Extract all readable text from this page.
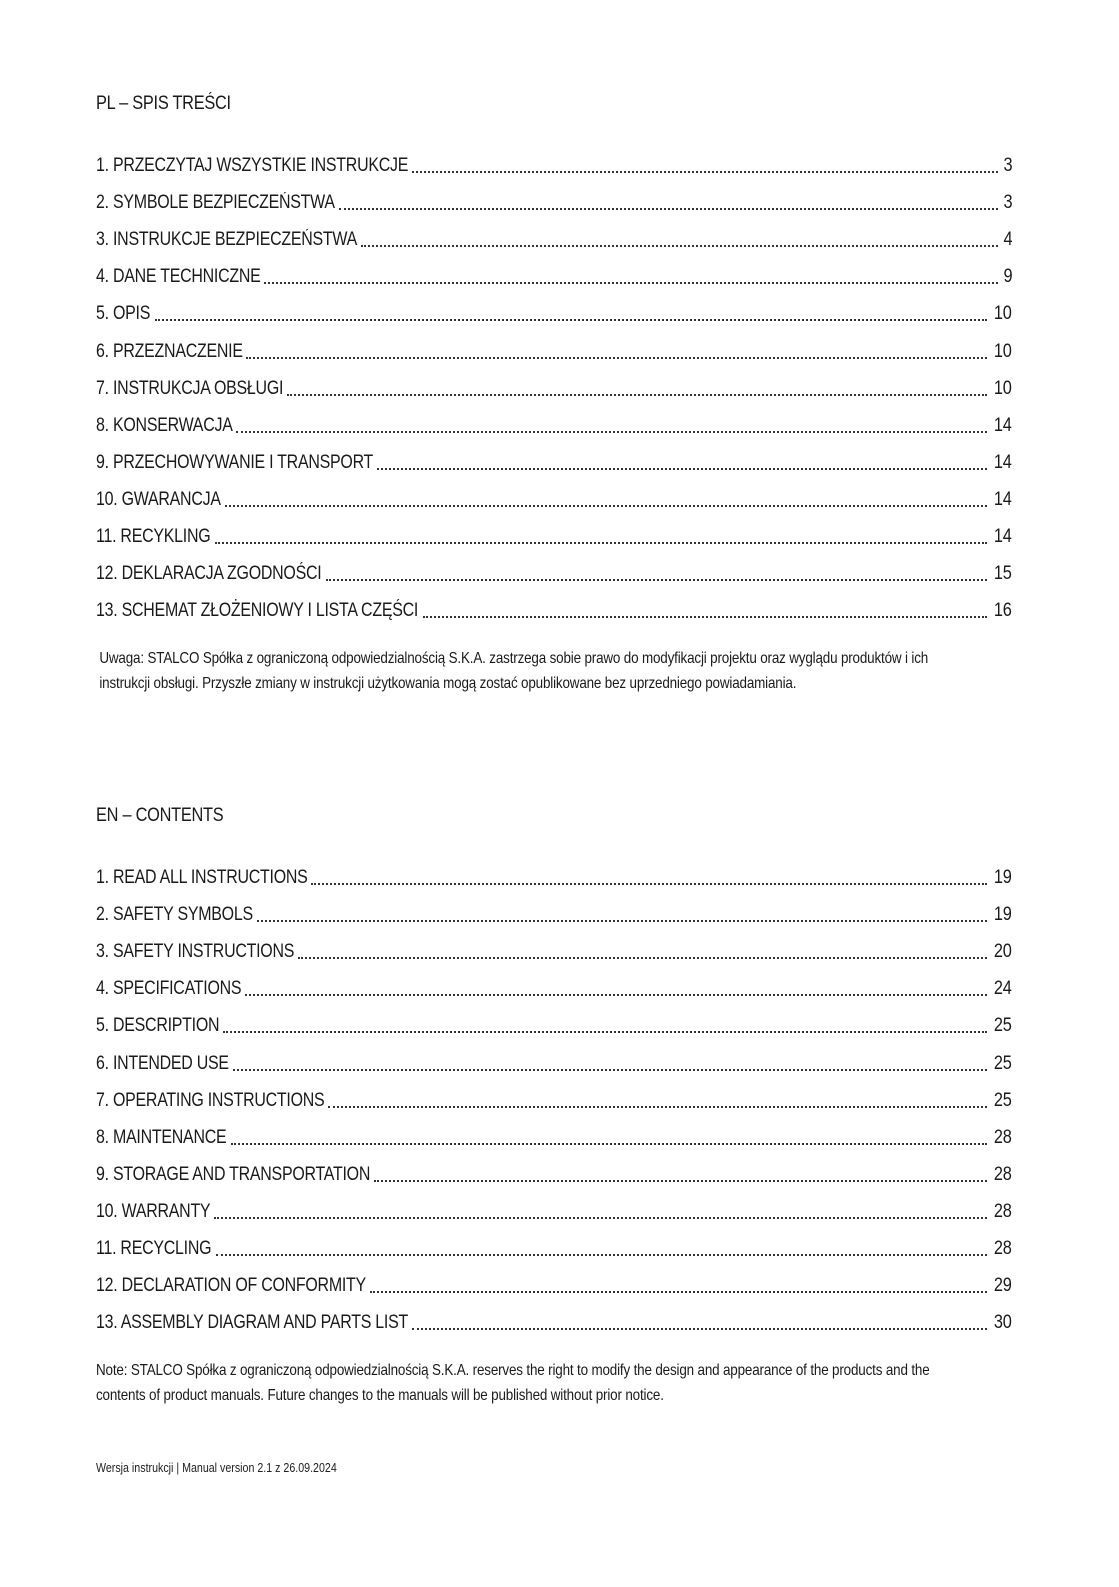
PL – SPIS TREŚCI
1. PRZECZYTAJ WSZYSTKIE INSTRUKCJE	3
2. SYMBOLE BEZPIECZEŃSTWA	3
3. INSTRUKCJE BEZPIECZEŃSTWA	4
4. DANE TECHNICZNE	9
5. OPIS	10
6. PRZEZNACZENIE	10
7. INSTRUKCJA OBSŁUGI	10
8. KONSERWACJA	14
9. PRZECHOWYWANIE I TRANSPORT	14
10. GWARANCJA	14
11. RECYKLING	14
12. DEKLARACJA ZGODNOŚCI	15
13. SCHEMAT ZŁOŻENIOWY I LISTA CZĘŚCI	16
Uwaga: STALCO Spółka z ograniczoną odpowiedzialnością S.K.A. zastrzega sobie prawo do modyfikacji projektu oraz wyglądu produktów i ich
instrukcji obsługi. Przyszłe zmiany w instrukcji użytkowania mogą zostać opublikowane bez uprzedniego powiadamiania.
EN – CONTENTS
1. READ ALL INSTRUCTIONS	19
2. SAFETY SYMBOLS	19
3. SAFETY INSTRUCTIONS	20
4. SPECIFICATIONS	24
5. DESCRIPTION	25
6. INTENDED USE	25
7. OPERATING INSTRUCTIONS	25
8. MAINTENANCE	28
9. STORAGE AND TRANSPORTATION	28
10. WARRANTY	28
11. RECYCLING	28
12. DECLARATION OF CONFORMITY	29
13. ASSEMBLY DIAGRAM AND PARTS LIST	30
Note: STALCO Spółka z ograniczoną odpowiedzialnością S.K.A. reserves the right to modify the design and appearance of the products and the
contents of product manuals. Future changes to the manuals will be published without prior notice.
Wersja instrukcji | Manual version 2.1 z 26.09.2024
